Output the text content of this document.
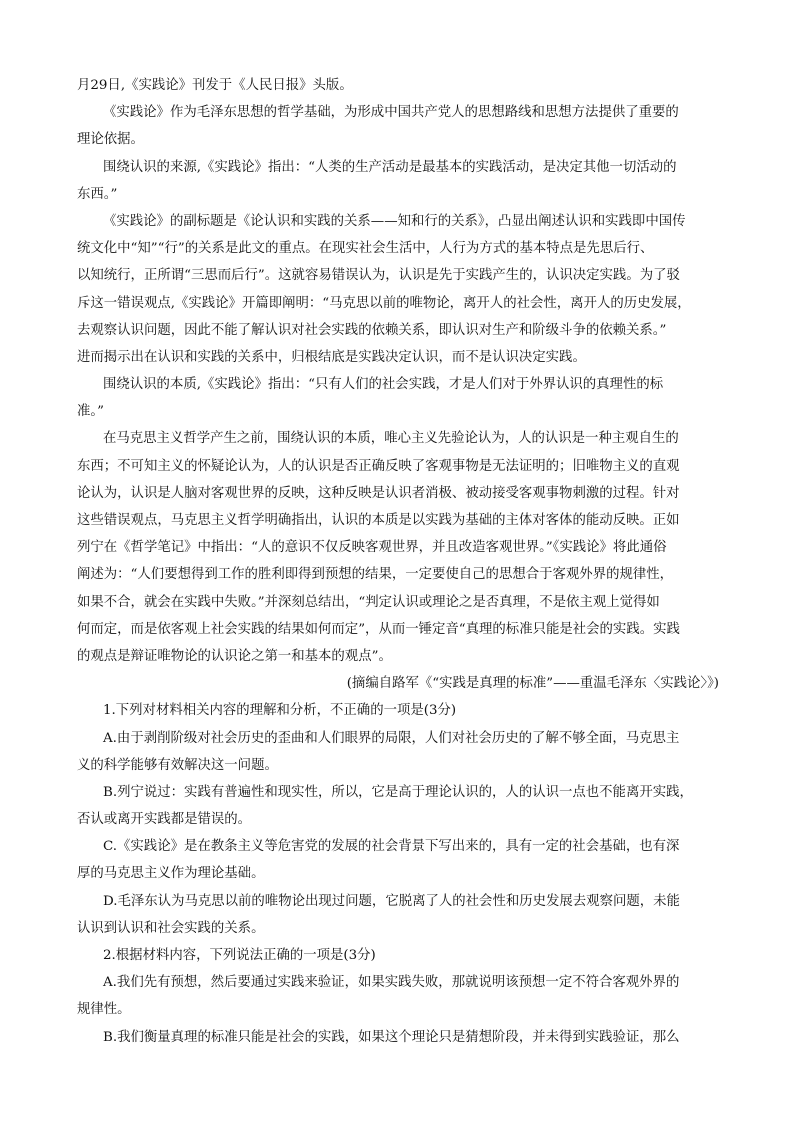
月29日,《实践论》刊发于《人民日报》头版。
《实践论》作为毛泽东思想的哲学基础，为形成中国共产党人的思想路线和思想方法提供了重要的
理论依据。
围绕认识的来源,《实践论》指出：“人类的生产活动是最基本的实践活动，是决定其他一切活动的
东西。”
《实践论》的副标题是《论认识和实践的关系——知和行的关系》，凸显出阐述认识和实践即中国传
统文化中“知”“行”的关系是此文的重点。在现实社会生活中，人行为方式的基本特点是先思后行、
以知统行，正所谓“三思而后行”。这就容易错误认为，认识是先于实践产生的，认识决定实践。为了驳
斥这一错误观点,《实践论》开篇即阐明：“马克思以前的唯物论，离开人的社会性，离开人的历史发展，
去观察认识问题，因此不能了解认识对社会实践的依赖关系，即认识对生产和阶级斗争的依赖关系。”
进而揭示出在认识和实践的关系中，归根结底是实践决定认识，而不是认识决定实践。
围绕认识的本质,《实践论》指出：“只有人们的社会实践，才是人们对于外界认识的真理性的标
准。”
在马克思主义哲学产生之前，围绕认识的本质，唯心主义先验论认为，人的认识是一种主观自生的
东西；不可知主义的怀疑论认为，人的认识是否正确反映了客观事物是无法证明的；旧唯物主义的直观
论认为，认识是人脑对客观世界的反映，这种反映是认识者消极、被动接受客观事物刺激的过程。针对
这些错误观点，马克思主义哲学明确指出，认识的本质是以实践为基础的主体对客体的能动反映。正如
列宁在《哲学笔记》中指出：“人的意识不仅反映客观世界，并且改造客观世界。”《实践论》将此通俗
阐述为：“人们要想得到工作的胜利即得到预想的结果，一定要使自己的思想合于客观外界的规律性，
如果不合，就会在实践中失败。”并深刻总结出，“判定认识或理论之是否真理，不是依主观上觉得如
何而定，而是依客观上社会实践的结果如何而定”，从而一锤定音“真理的标准只能是社会的实践。实践
的观点是辩证唯物论的认识论之第一和基本的观点”。
(摘编自路军《“实践是真理的标准”——重温毛泽东〈实践论〉》)
1.下列对材料相关内容的理解和分析，不正确的一项是(3分)
A.由于剥削阶级对社会历史的歪曲和人们眼界的局限，人们对社会历史的了解不够全面，马克思主
义的科学能够有效解决这一问题。
B.列宁说过：实践有普遍性和现实性，所以，它是高于理论认识的，人的认识一点也不能离开实践，
否认或离开实践都是错误的。
C.《实践论》是在教条主义等危害党的发展的社会背景下写出来的，具有一定的社会基础，也有深
厚的马克思主义作为理论基础。
D.毛泽东认为马克思以前的唯物论出现过问题，它脱离了人的社会性和历史发展去观察问题，未能
认识到认识和社会实践的关系。
2.根据材料内容，下列说法正确的一项是(3分)
A.我们先有预想，然后要通过实践来验证，如果实践失败，那就说明该预想一定不符合客观外界的
规律性。
B.我们衡量真理的标准只能是社会的实践，如果这个理论只是猜想阶段，并未得到实践验证，那么
